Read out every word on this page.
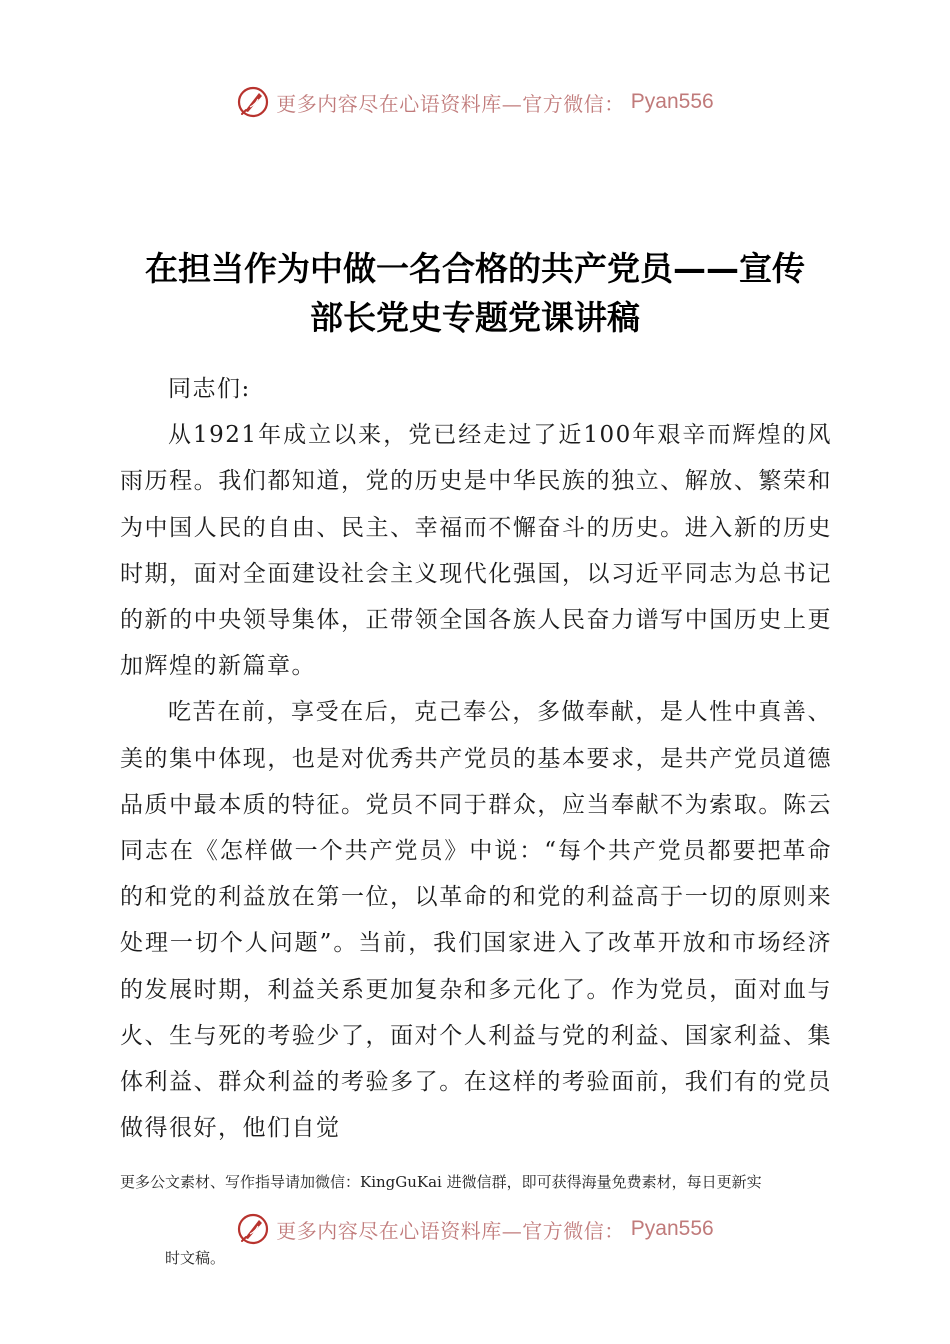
更多内容尽在心语资料库—官方微信： Pyan556
在担当作为中做一名合格的共产党员——宣传
部长党史专题党课讲稿

同志们:

从1921年成立以来，党已经走过了近100年艰辛而辉煌的风雨历程。我们都知道，党的历史是中华民族的独立、解放、繁荣和为中国人民的自由、民主、幸福而不懈奋斗的历史。进入新的历史时期，面对全面建设社会主义现代化强国，以习近平同志为总书记的新的中央领导集体，正带领全国各族人民奋力谱写中国历史上更加辉煌的新篇章。

吃苦在前，享受在后，克己奉公，多做奉献，是人性中真善、美的集中体现，也是对优秀共产党员的基本要求，是共产党员道德品质中最本质的特征。党员不同于群众，应当奉献不为索取。陈云同志在《怎样做一个共产党员》中说：“每个共产党员都要把革命的和党的利益放在第一位，以革命的和党的利益高于一切的原则来处理一切个人问题”。当前，我们国家进入了改革开放和市场经济的发展时期，利益关系更加复杂和多元化了。作为党员，面对血与火、生与死的考验少了，面对个人利益与党的利益、国家利益、集体利益、群众利益的考验多了。在这样的考验面前，我们有的党员做得很好，他们自觉

更多公文素材、写作指导请加微信：KingGuKai 进微信群，即可获得海量免费素材，每日更新实
更多内容尽在心语资料库—官方微信： Pyan556
时文稿。
